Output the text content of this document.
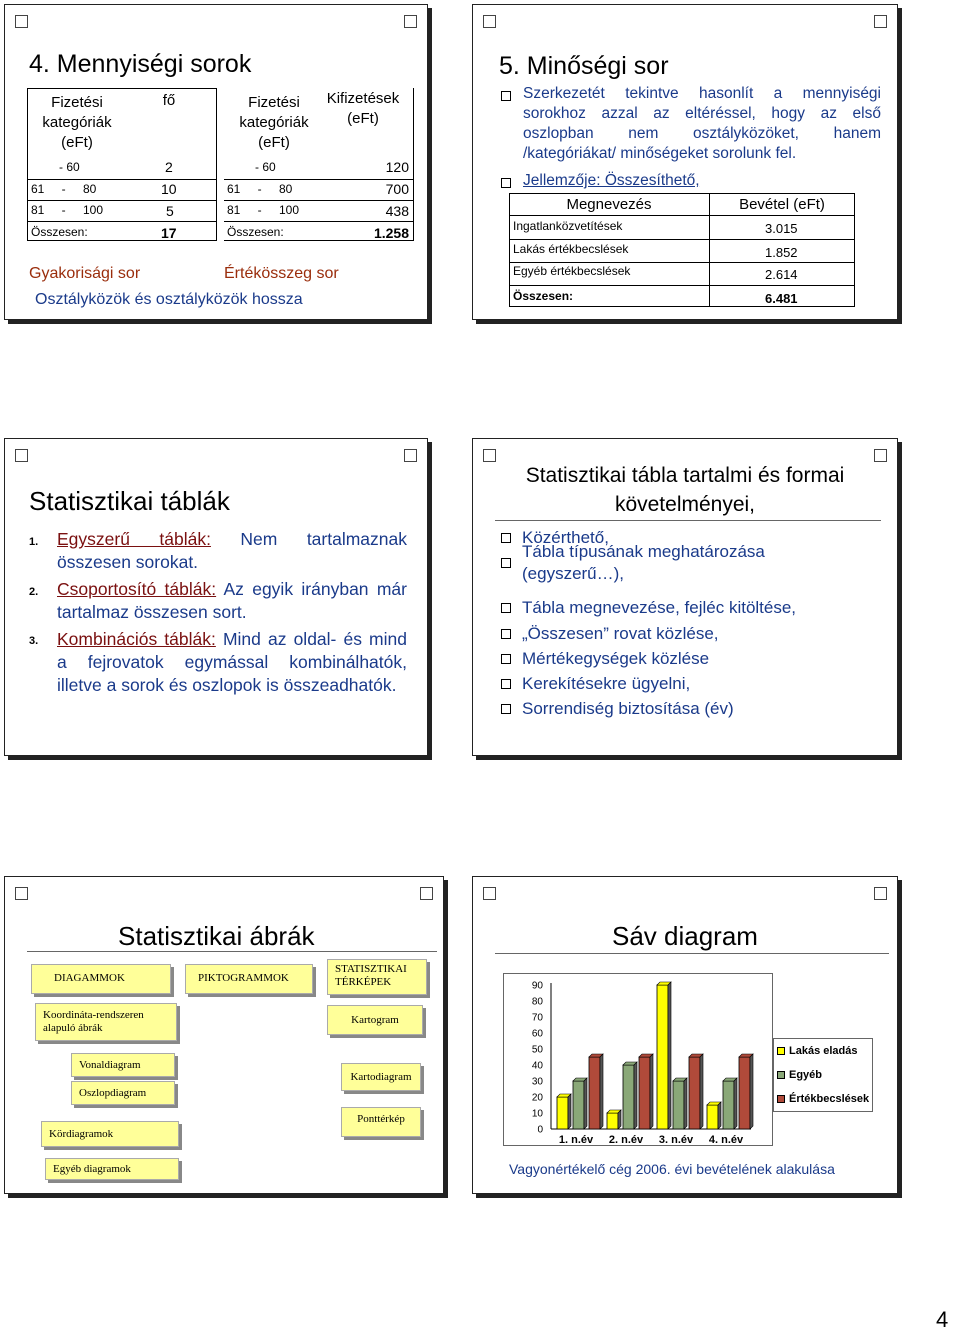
4. Mennyiségi sorok
Fizetési kategóriák (eFt)
fő
- 60	2
61 - 80	10
81 - 100	5
Összesen:	17
Fizetési kategóriák (eFt)
Kifizetések (eFt)
- 60	120
61 - 80	700
81 - 100	438
Összesen:	1.258
Gyakorisági sor	Értékösszeg sor
Osztályközök és osztályközök hossza
5. Minőségi sor
Szerkezetét tekintve hasonlít a mennyiségi sorokhoz azzal az eltéréssel, hogy az első oszlopban nem osztályközöket, hanem /kategóriákat/ minőségeket sorolunk fel.
Jellemzője: Összesíthető,
Megnevezés	Bevétel (eFt)
Ingatlanközvetítések	3.015
Lakás értékbecslések	1.852
Egyéb értékbecslések	2.614
Összesen:	6.481
Statisztikai táblák
1. Egyszerű táblák: Nem tartalmaznak összesen sorokat.
2. Csoportosító táblák: Az egyik irányban már tartalmaz összesen sort.
3. Kombinációs táblák: Mind az oldal- és mind a fejrovatok egymással kombinálhatók, illetve a sorok és oszlopok is összeadhatók.
Statisztikai tábla tartalmi és formai követelményei,
Közérthető,
Tábla típusának meghatározása (egyszerű…),
Tábla megnevezése, fejléc kitöltése,
„Összesen” rovat közlése,
Mértékegységek közlése
Kerekítésekre ügyelni,
Sorrendiség biztosítása (év)
Statisztikai ábrák
DIAGAMMOK	PIKTOGRAMMOK
STATISZTIKAI TÉRKÉPEK
Koordináta-rendszeren alapuló ábrák
Kartogram
Vonaldiagram
Kartodiagram
Oszlopdiagram
Ponttérkép
Kördiagramok
Egyéb diagramok
Sáv diagram
0
10
20
30
40
50
60
70
80
90
1. n.év 2. n.év 3. n.év 4. n.év
Lakás eladás
Egyéb
Értékbecslések
Vagyonértékelő cég 2006. évi bevételének alakulása
4
